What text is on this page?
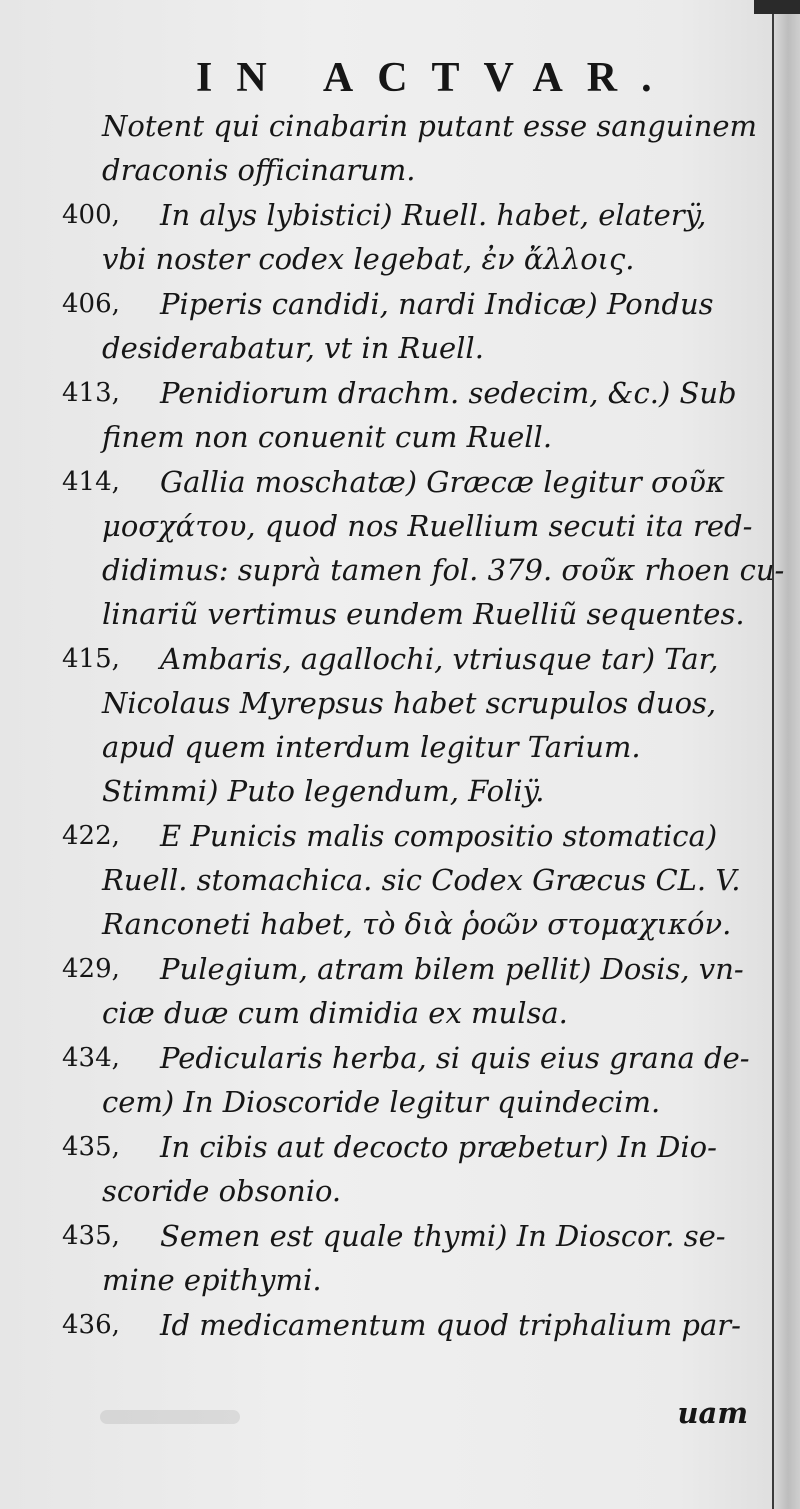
IN ACTVAR.
Notent qui cinabarin putant esse sanguinem
draconis officinarum.
400,	In alys lybistici) Ruell. habet, elaterÿ,
vbi noster codex legebat, ἐν ἄλλοις.
406,	Piperis candidi, nardi Indicæ) Pondus
desiderabatur, vt in Ruell.
413,	Penidiorum drachm. sedecim, &c.) Sub
finem non conuenit cum Ruell.
414,	Gallia moschatæ) Græcæ legitur σοῦκ
μοσχάτου, quod nos Ruellium secuti ita red-
didimus: suprà tamen fol. 379. σοῦκ rhoen cu-
linariũ vertimus eundem Ruelliũ sequentes.
415,	Ambaris, agallochi, vtriusque tar) Tar,
Nicolaus Myrepsus habet scrupulos duos,
apud quem interdum legitur Tarium.
Stimmi) Puto legendum, Foliÿ.
422,	E Punicis malis compositio stomatica)
Ruell. stomachica. sic Codex Græcus CL. V.
Ranconeti habet, τὸ διὰ ῥοῶν στομαχικόν.
429,	Pulegium, atram bilem pellit) Dosis, vn-
ciæ duæ cum dimidia ex mulsa.
434,	Pedicularis herba, si quis eius grana de-
cem) In Dioscoride legitur quindecim.
435,	In cibis aut decocto præbetur) In Dio-
scoride obsonio.
435,	Semen est quale thymi) In Dioscor. se-
mine epithymi.
436,	Id medicamentum quod triphalium par-
uam
